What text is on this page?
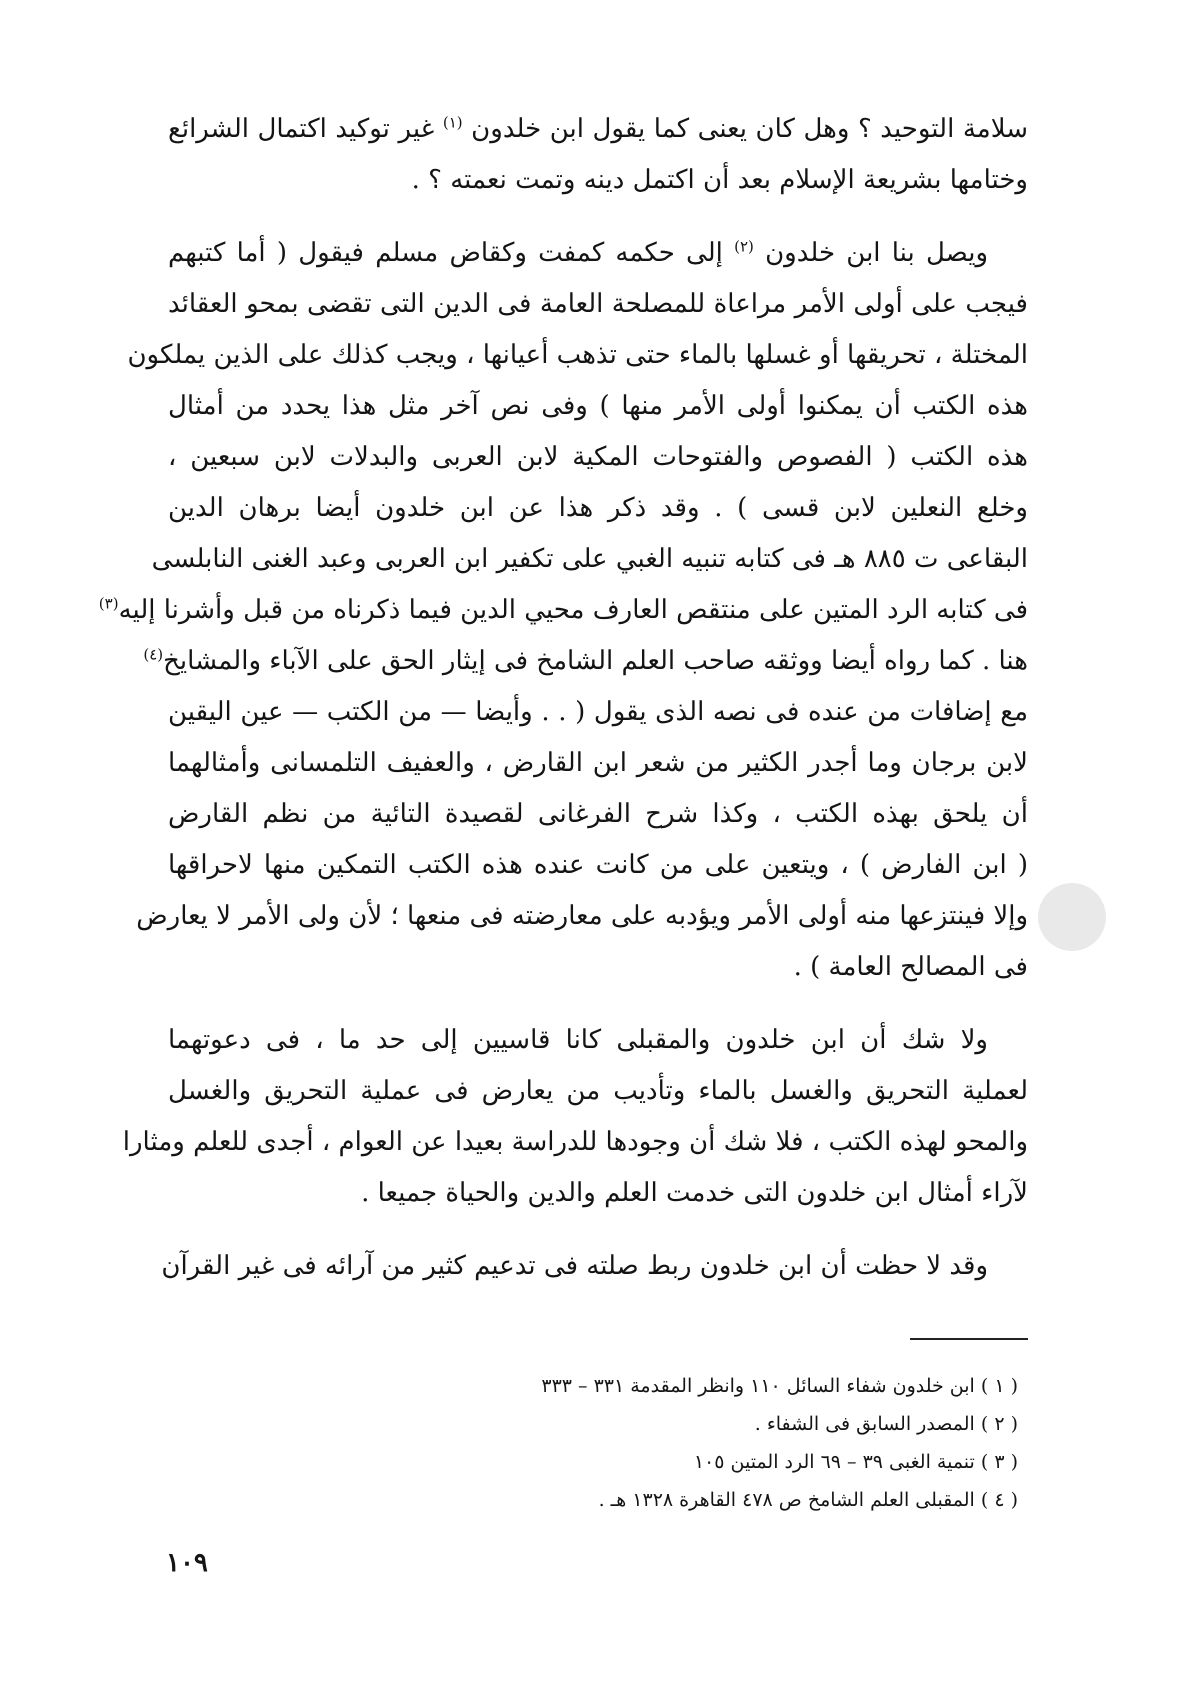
سلامة التوحيد ؟ وهل كان يعنى كما يقول ابن خلدون $^{(١)}$ غير توكيد اكتمال الشرائع
وختامها بشريعة الإسلام بعد أن اكتمل دينه وتمت نعمته ؟ .
ويصل بنا ابن خلدون $^{(٢)}$ إلى حكمه كمفت وكقاض مسلم فيقول ( أما كتبهم
فيجب على أولى الأمر مراعاة للمصلحة العامة فى الدين التى تقضى بمحو العقائد
المختلة ، تحريقها أو غسلها بالماء حتى تذهب أعيانها ، ويجب كذلك على الذين يملكون
هذه الكتب أن يمكنوا أولى الأمر منها ) وفى نص آخر مثل هذا يحدد من أمثال
هذه الكتب ( الفصوص والفتوحات المكية لابن العربى والبدلات لابن سبعين ،
وخلع النعلين لابن قسى ) . وقد ذكر هذا عن ابن خلدون أيضا برهان الدين
البقاعى ت ٨٨٥ هـ فى كتابه تنبيه الغبي على تكفير ابن العربى وعبد الغنى النابلسى
فى كتابه الرد المتين على منتقص العارف محيي الدين فيما ذكرناه من قبل وأشرنا إليه$^{(٣)}$
هنا . كما رواه أيضا ووثقه صاحب العلم الشامخ فى إيثار الحق على الآباء والمشايخ$^{(٤)}$
مع إضافات من عنده فى نصه الذى يقول ( . . وأيضا — من الكتب — عين اليقين
لابن برجان وما أجدر الكثير من شعر ابن القارض ، والعفيف التلمسانى وأمثالهما
أن يلحق بهذه الكتب ، وكذا شرح الفرغانى لقصيدة التائية من نظم القارض
( ابن الفارض ) ، ويتعين على من كانت عنده هذه الكتب التمكين منها لاحراقها
وإلا فينتزعها منه أولى الأمر ويؤدبه على معارضته فى منعها ؛ لأن ولى الأمر لا يعارض
فى المصالح العامة ) .
ولا شك أن ابن خلدون والمقبلى كانا قاسيين إلى حد ما ، فى دعوتهما
لعملية التحريق والغسل بالماء وتأديب من يعارض فى عملية التحريق والغسل
والمحو لهذه الكتب ، فلا شك أن وجودها للدراسة بعيدا عن العوام ، أجدى للعلم ومثارا
لآراء أمثال ابن خلدون التى خدمت العلم والدين والحياة جميعا .
وقد لا حظت أن ابن خلدون ربط صلته فى تدعيم كثير من آرائه فى غير القرآن
( ١ ) ابن خلدون شفاء السائل ١١٠ وانظر المقدمة ٣٣١ – ٣٣٣
( ٢ ) المصدر السابق فى الشفاء .
( ٣ ) تنمية الغبى ٣٩ – ٦٩ الرد المتين ١٠٥
( ٤ ) المقبلى العلم الشامخ ص ٤٧٨ القاهرة ١٣٢٨ هـ .
١٠٩
